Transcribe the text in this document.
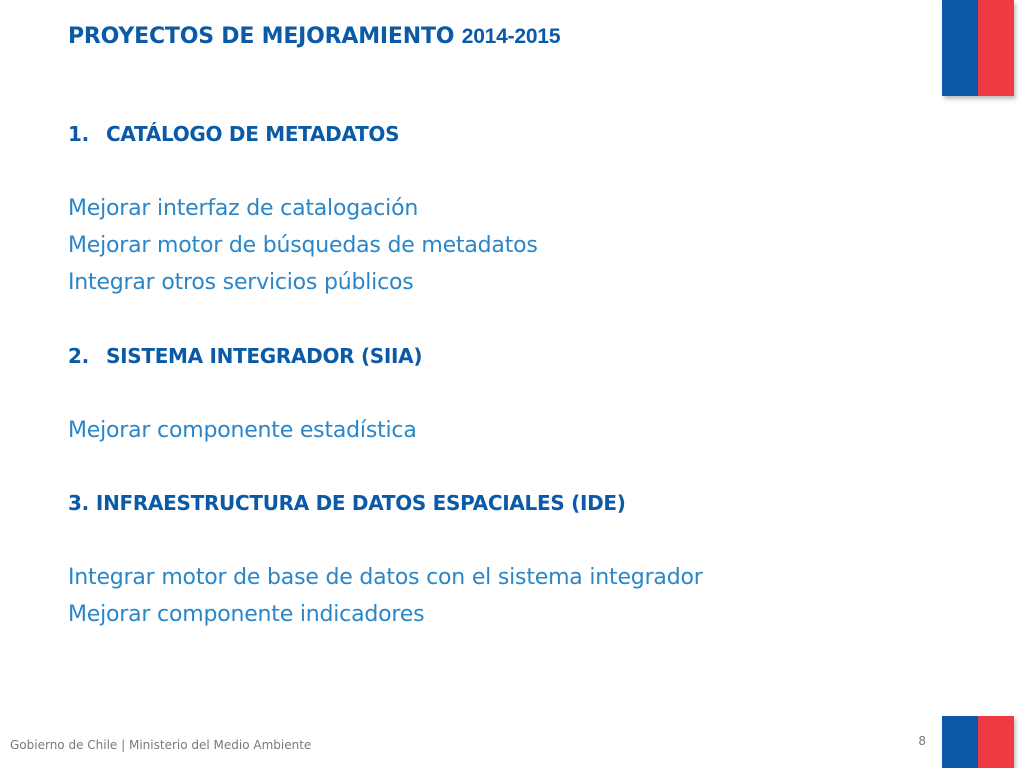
PROYECTOS DE MEJORAMIENTO 2014-2015
1. CATÁLOGO DE METADATOS

Mejorar interfaz de catalogación

Mejorar motor de búsquedas de metadatos

Integrar otros servicios públicos

2. SISTEMA INTEGRADOR (SIIA)

Mejorar componente estadística

3. INFRAESTRUCTURA DE DATOS ESPACIALES (IDE)

Integrar motor de base de datos con el sistema integrador

Mejorar componente indicadores

Gobierno de Chile | Ministerio del Medio Ambiente	8
